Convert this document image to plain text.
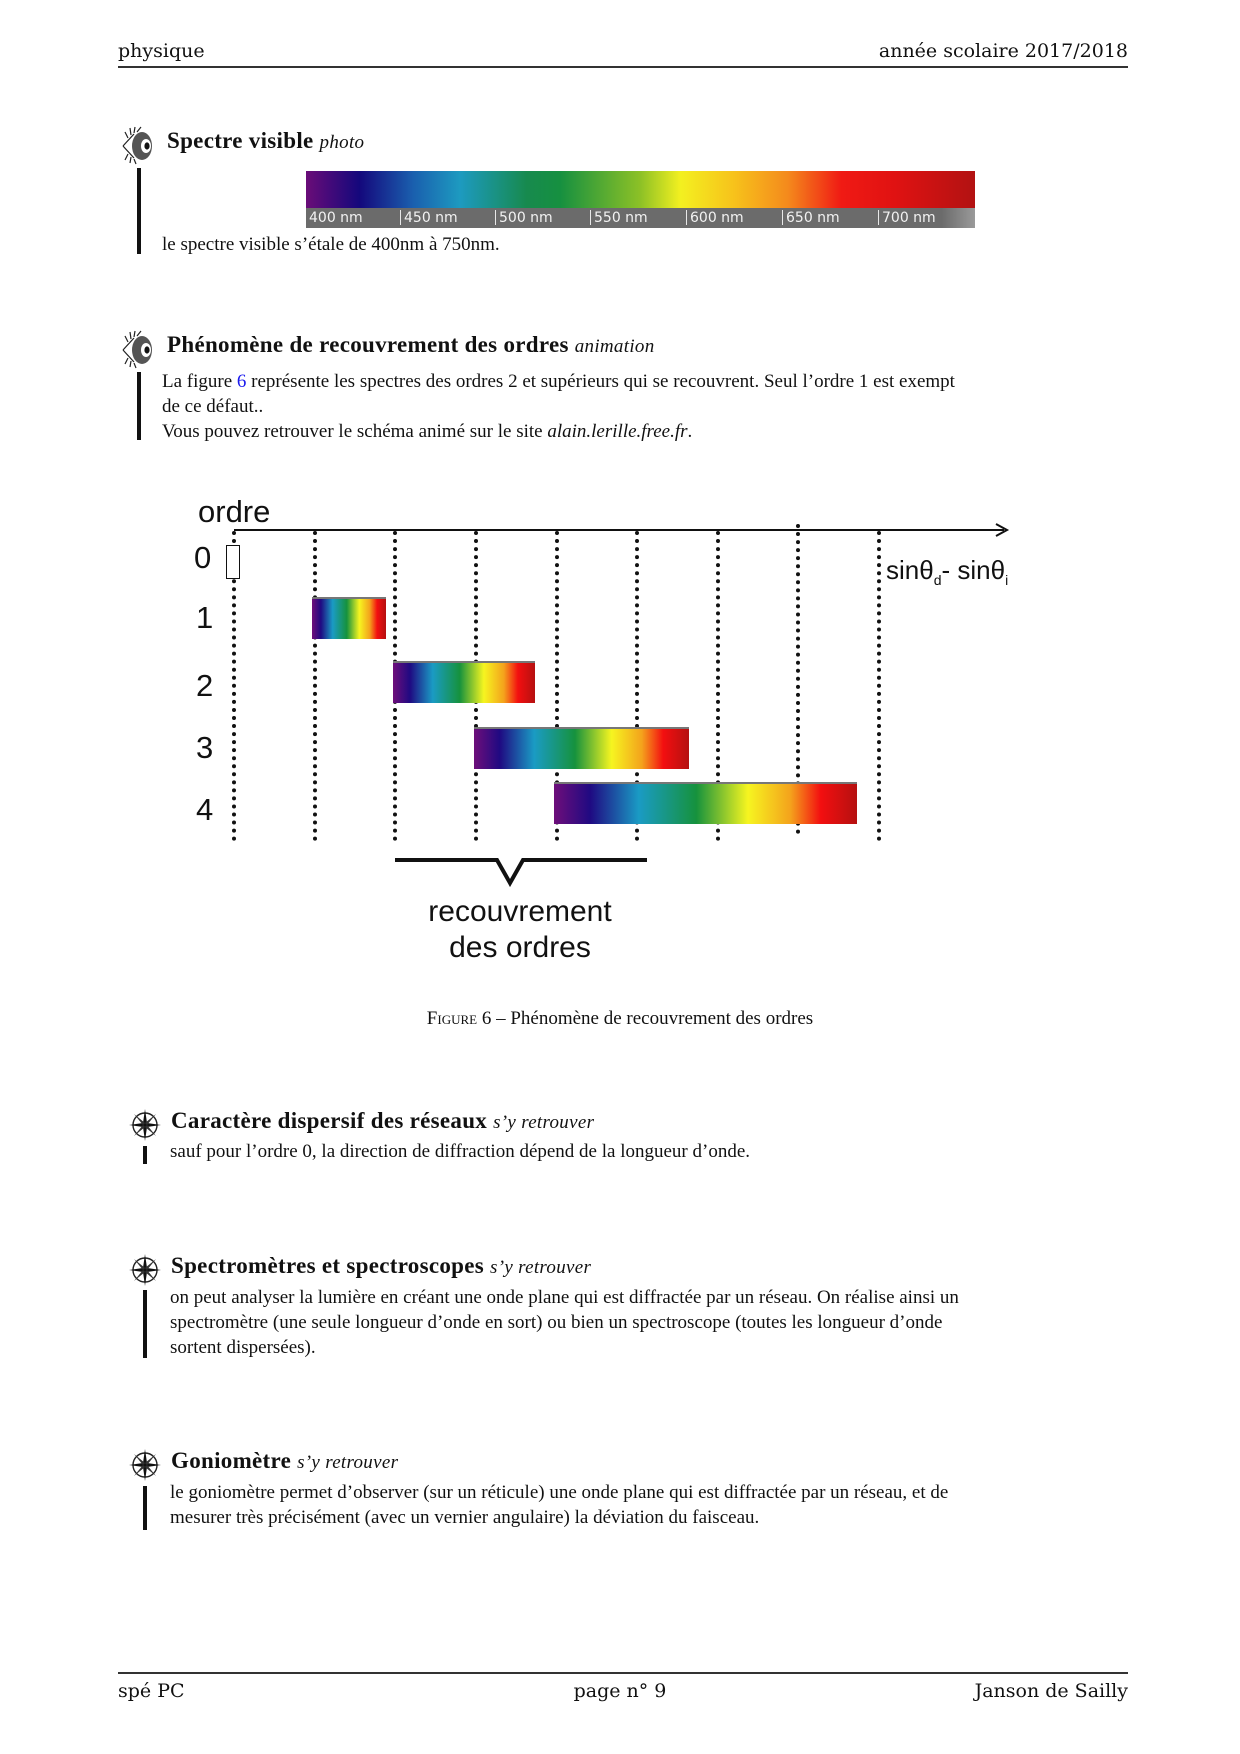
physique	année scolaire 2017/2018
Spectre visible photo
400 nm	450 nm	500 nm	550 nm	600 nm	650 nm	700 nm
le spectre visible s’étale de 400nm à 750nm.
Phénomène de recouvrement des ordres animation
La figure 6 représente les spectres des ordres 2 et supérieurs qui se recouvrent. Seul l’ordre 1 est exempt
de ce défaut..
Vous pouvez retrouver le schéma animé sur le site alain.lerille.free.fr.
ordre
sinθ$_d$- sinθ$_i$
0
1
2
3
4
recouvrement
des ordres
Figure 6 – Phénomène de recouvrement des ordres
Caractère dispersif des réseaux s’y retrouver
sauf pour l’ordre 0, la direction de diffraction dépend de la longueur d’onde.
Spectromètres et spectroscopes s’y retrouver
on peut analyser la lumière en créant une onde plane qui est diffractée par un réseau. On réalise ainsi un
spectromètre (une seule longueur d’onde en sort) ou bien un spectroscope (toutes les longueur d’onde
sortent dispersées).
Goniomètre s’y retrouver
le goniomètre permet d’observer (sur un réticule) une onde plane qui est diffractée par un réseau, et de
mesurer très précisément (avec un vernier angulaire) la déviation du faisceau.
spé PC	page n° 9	Janson de Sailly
